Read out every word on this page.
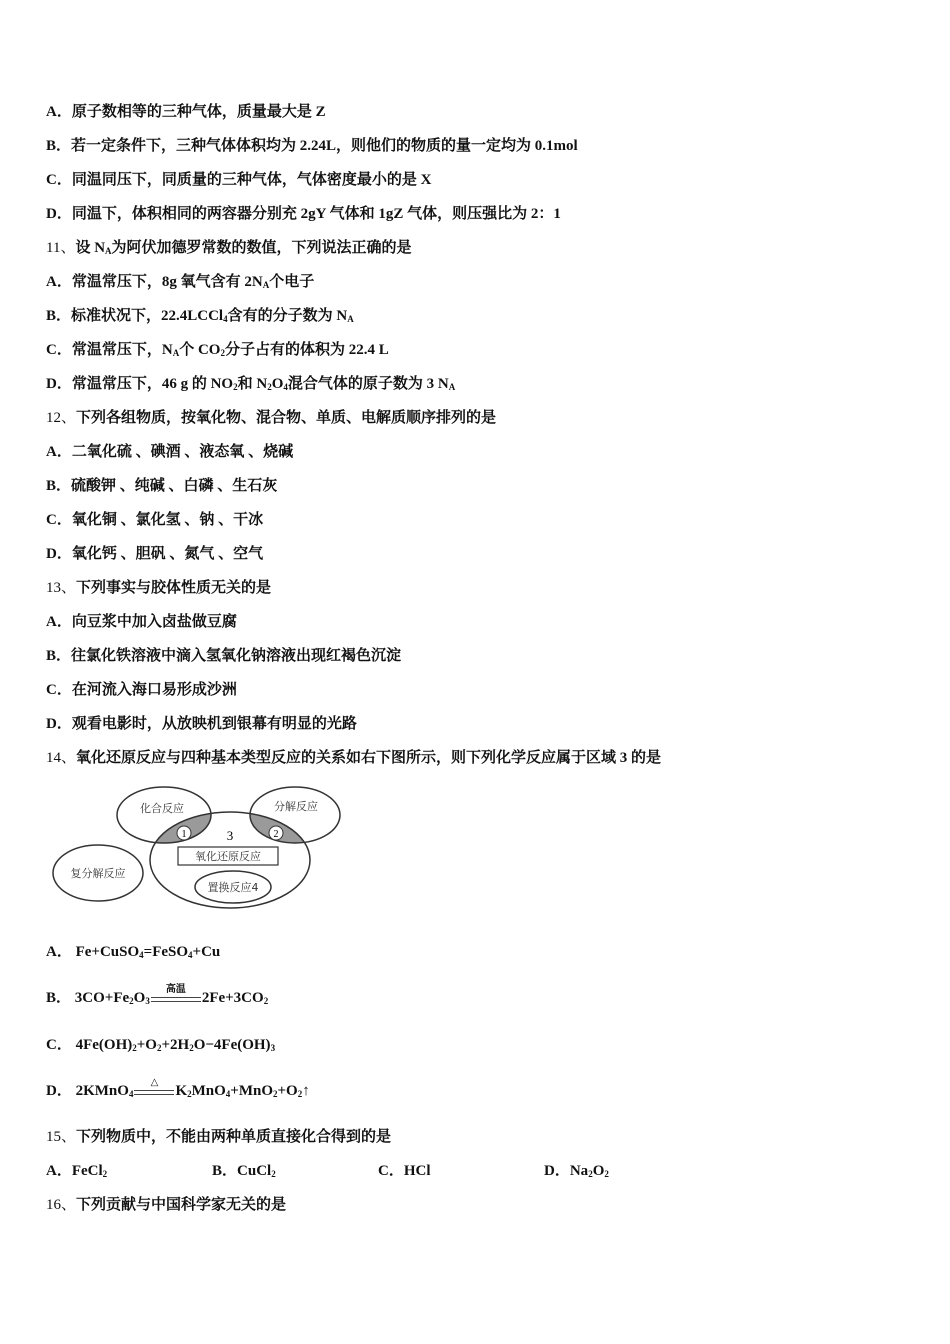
A．原子数相等的三种气体，质量最大是 Z
B．若一定条件下，三种气体体积均为 2.24L，则他们的物质的量一定均为 0.1mol
C．同温同压下，同质量的三种气体，气体密度最小的是 X
D．同温下，体积相同的两容器分别充 2gY 气体和 1gZ 气体，则压强比为 2：1
11、设 $N_A$为阿伏加德罗常数的数值，下列说法正确的是
A．常温常压下，8g 氧气含有 $2N_A$个电子
B．标准状况下，22.4LCCl$_4$含有的分子数为 $N_A$
C．常温常压下，$N_A$个 $CO_2$分子占有的体积为 22.4 L
D．常温常压下，46 g 的 $NO_2$和 $N_2O_4$混合气体的原子数为 3 $N_A$
12、下列各组物质，按氧化物、混合物、单质、电解质顺序排列的是
A．二氧化硫 、碘酒 、液态氧 、烧碱
B．硫酸钾 、纯碱 、白磷 、生石灰
C．氧化铜 、氯化氢 、钠 、干冰
D．氧化钙 、胆矾 、氮气 、空气
13、下列事实与胶体性质无关的是
A．向豆浆中加入卤盐做豆腐
B．往氯化铁溶液中滴入氢氧化钠溶液出现红褐色沉淀
C．在河流入海口易形成沙洲
D．观看电影时，从放映机到银幕有明显的光路
14、氧化还原反应与四种基本类型反应的关系如右下图所示，则下列化学反应属于区域 3 的是
1	2
3
化合反应	分解反应
复分解反应
氧化还原反应
置换反应4
A． Fe+CuSO$_4$=FeSO$_4$+Cu
B． $3CO+Fe_2O_3$
高温
$2Fe+3CO_2$
C． $4Fe(OH)_2+O_2+2H_2O-4Fe(OH)_3$
D． 2KMnO$_4$
△
$K_2MnO_4+MnO_2+O_2↑$
15、下列物质中，不能由两种单质直接化合得到的是
A．FeCl$_2$	B．CuCl$_2$	C．HCl	D．$Na_2O_2$
16、下列贡献与中国科学家无关的是
